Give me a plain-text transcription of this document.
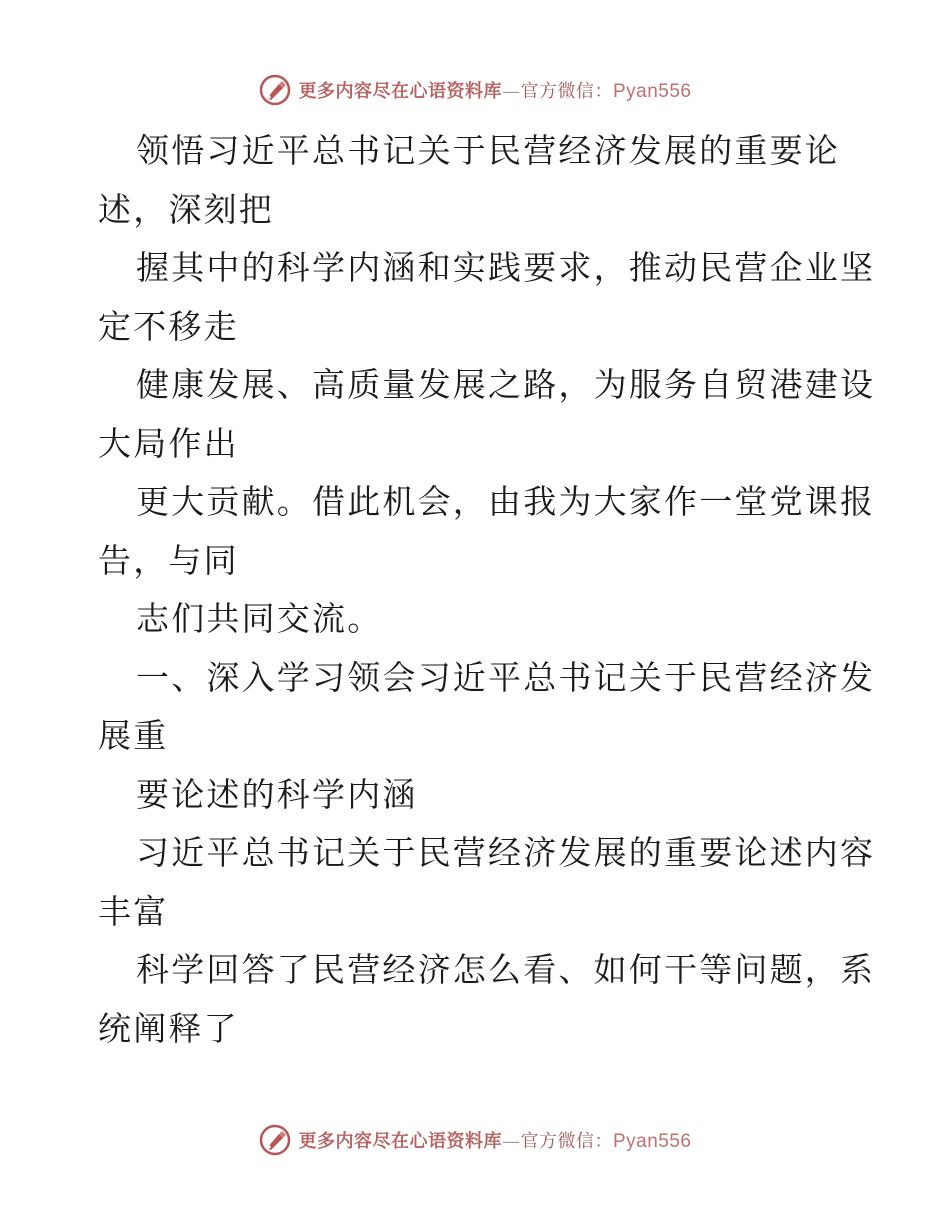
更多内容尽在心语资料库—官方微信：Pyan556
领悟习近平总书记关于民营经济发展的重要论
述，深刻把
握其中的科学内涵和实践要求，推动民营企业坚
定不移走
健康发展、高质量发展之路，为服务自贸港建设
大局作出
更大贡献。借此机会，由我为大家作一堂党课报
告，与同
志们共同交流。
一、深入学习领会习近平总书记关于民营经济发
展重
要论述的科学内涵
习近平总书记关于民营经济发展的重要论述内容
丰富
科学回答了民营经济怎么看、如何干等问题，系
统阐释了
更多内容尽在心语资料库—官方微信：Pyan556
